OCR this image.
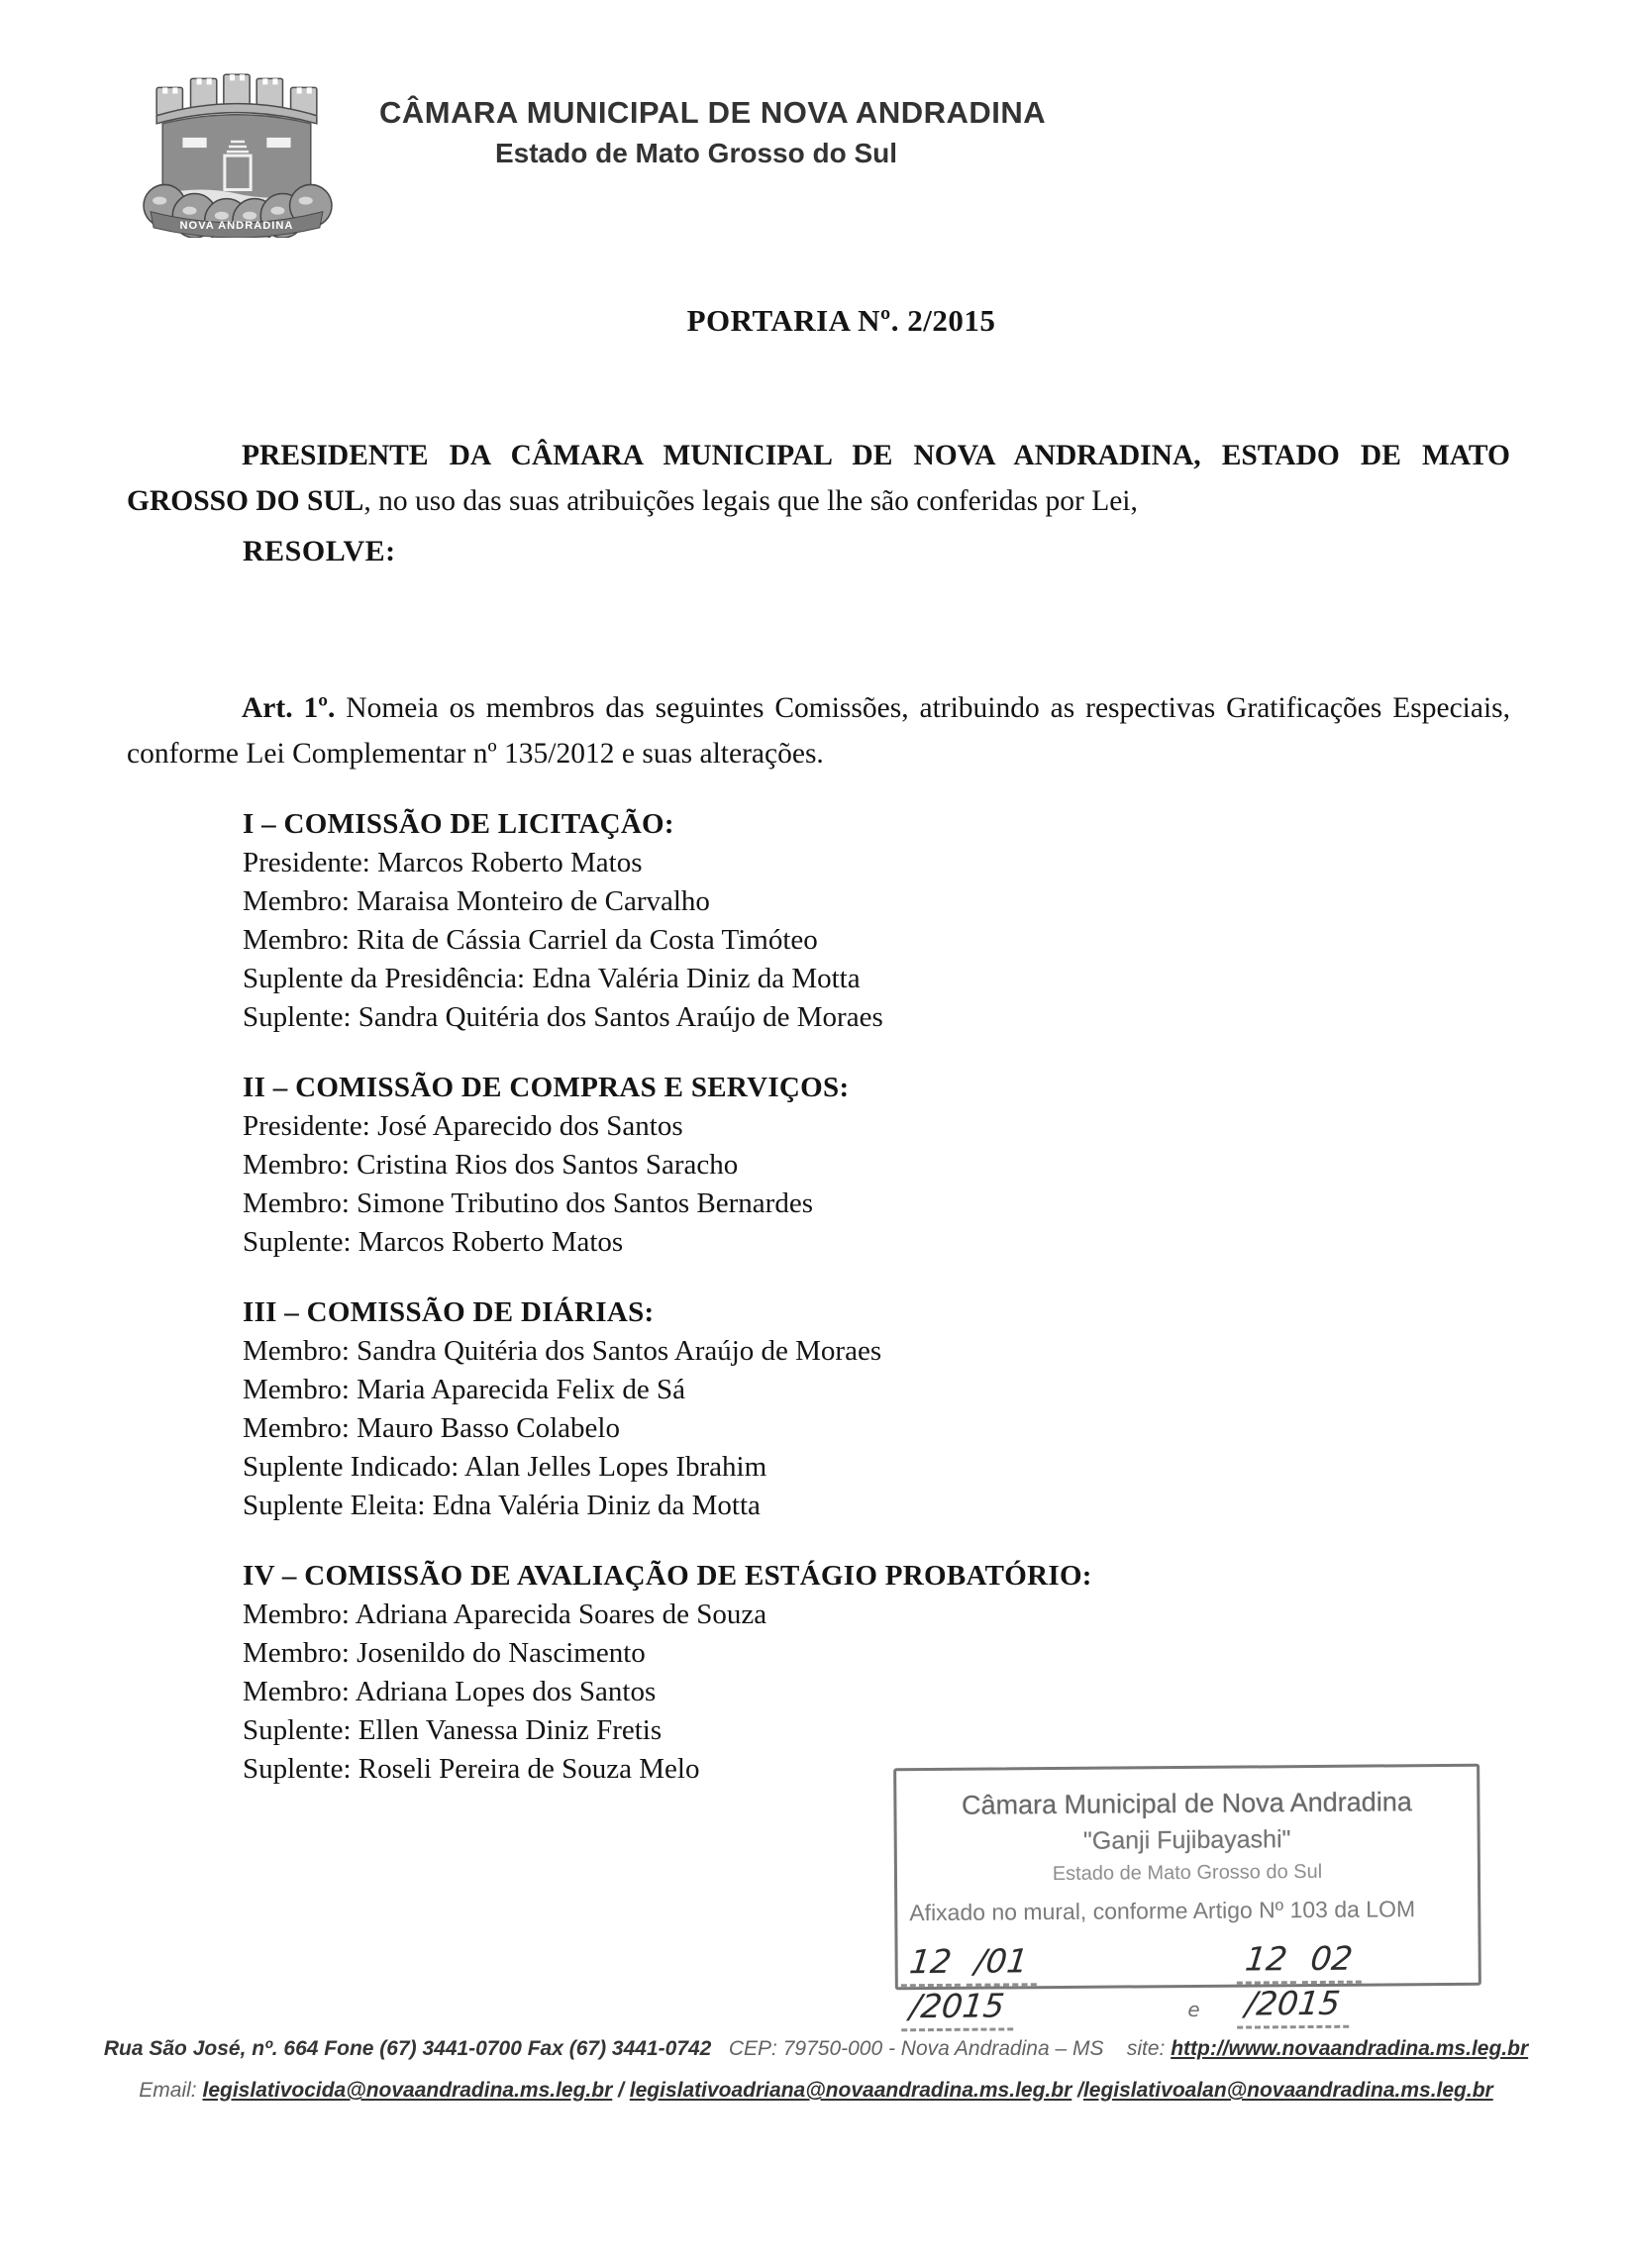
NOVA ANDRADINA
CÂMARA MUNICIPAL DE NOVA ANDRADINA
Estado de Mato Grosso do Sul
PORTARIA Nº. 2/2015

PRESIDENTE DA CÂMARA MUNICIPAL DE NOVA ANDRADINA, ESTADO DE MATO GROSSO DO SUL, no uso das suas atribuições legais que lhe são conferidas por Lei,

RESOLVE:

Art. 1º. Nomeia os membros das seguintes Comissões, atribuindo as respectivas Gratificações Especiais, conforme Lei Complementar nº 135/2012 e suas alterações.

I – COMISSÃO DE LICITAÇÃO:
Presidente: Marcos Roberto Matos
Membro: Maraisa Monteiro de Carvalho
Membro: Rita de Cássia Carriel da Costa Timóteo
Suplente da Presidência: Edna Valéria Diniz da Motta
Suplente: Sandra Quitéria dos Santos Araújo de Moraes
II – COMISSÃO DE COMPRAS E SERVIÇOS:
Presidente: José Aparecido dos Santos
Membro: Cristina Rios dos Santos Saracho
Membro: Simone Tributino dos Santos Bernardes
Suplente: Marcos Roberto Matos
III – COMISSÃO DE DIÁRIAS:
Membro: Sandra Quitéria dos Santos Araújo de Moraes
Membro: Maria Aparecida Felix de Sá
Membro: Mauro Basso Colabelo
Suplente Indicado: Alan Jelles Lopes Ibrahim
Suplente Eleita: Edna Valéria Diniz da Motta
IV – COMISSÃO DE AVALIAÇÃO DE ESTÁGIO PROBATÓRIO:
Membro: Adriana Aparecida Soares de Souza
Membro: Josenildo do Nascimento
Membro: Adriana Lopes dos Santos
Suplente: Ellen Vanessa Diniz Fretis
Suplente: Roseli Pereira de Souza Melo
Câmara Municipal de Nova Andradina
"Ganji Fujibayashi"
Estado de Mato Grosso do Sul
Afixado no mural, conforme Artigo Nº 103 da LOM
12 /01/2015	e
12 02/2015
Rua São José, nº. 664 Fone (67) 3441-0700 Fax (67) 3441-0742 CEP: 79750-000 - Nova Andradina – MS site: http://www.novaandradina.ms.leg.br
Email: legislativocida@novaandradina.ms.leg.br / legislativoadriana@novaandradina.ms.leg.br /legislativoalan@novaandradina.ms.leg.br
